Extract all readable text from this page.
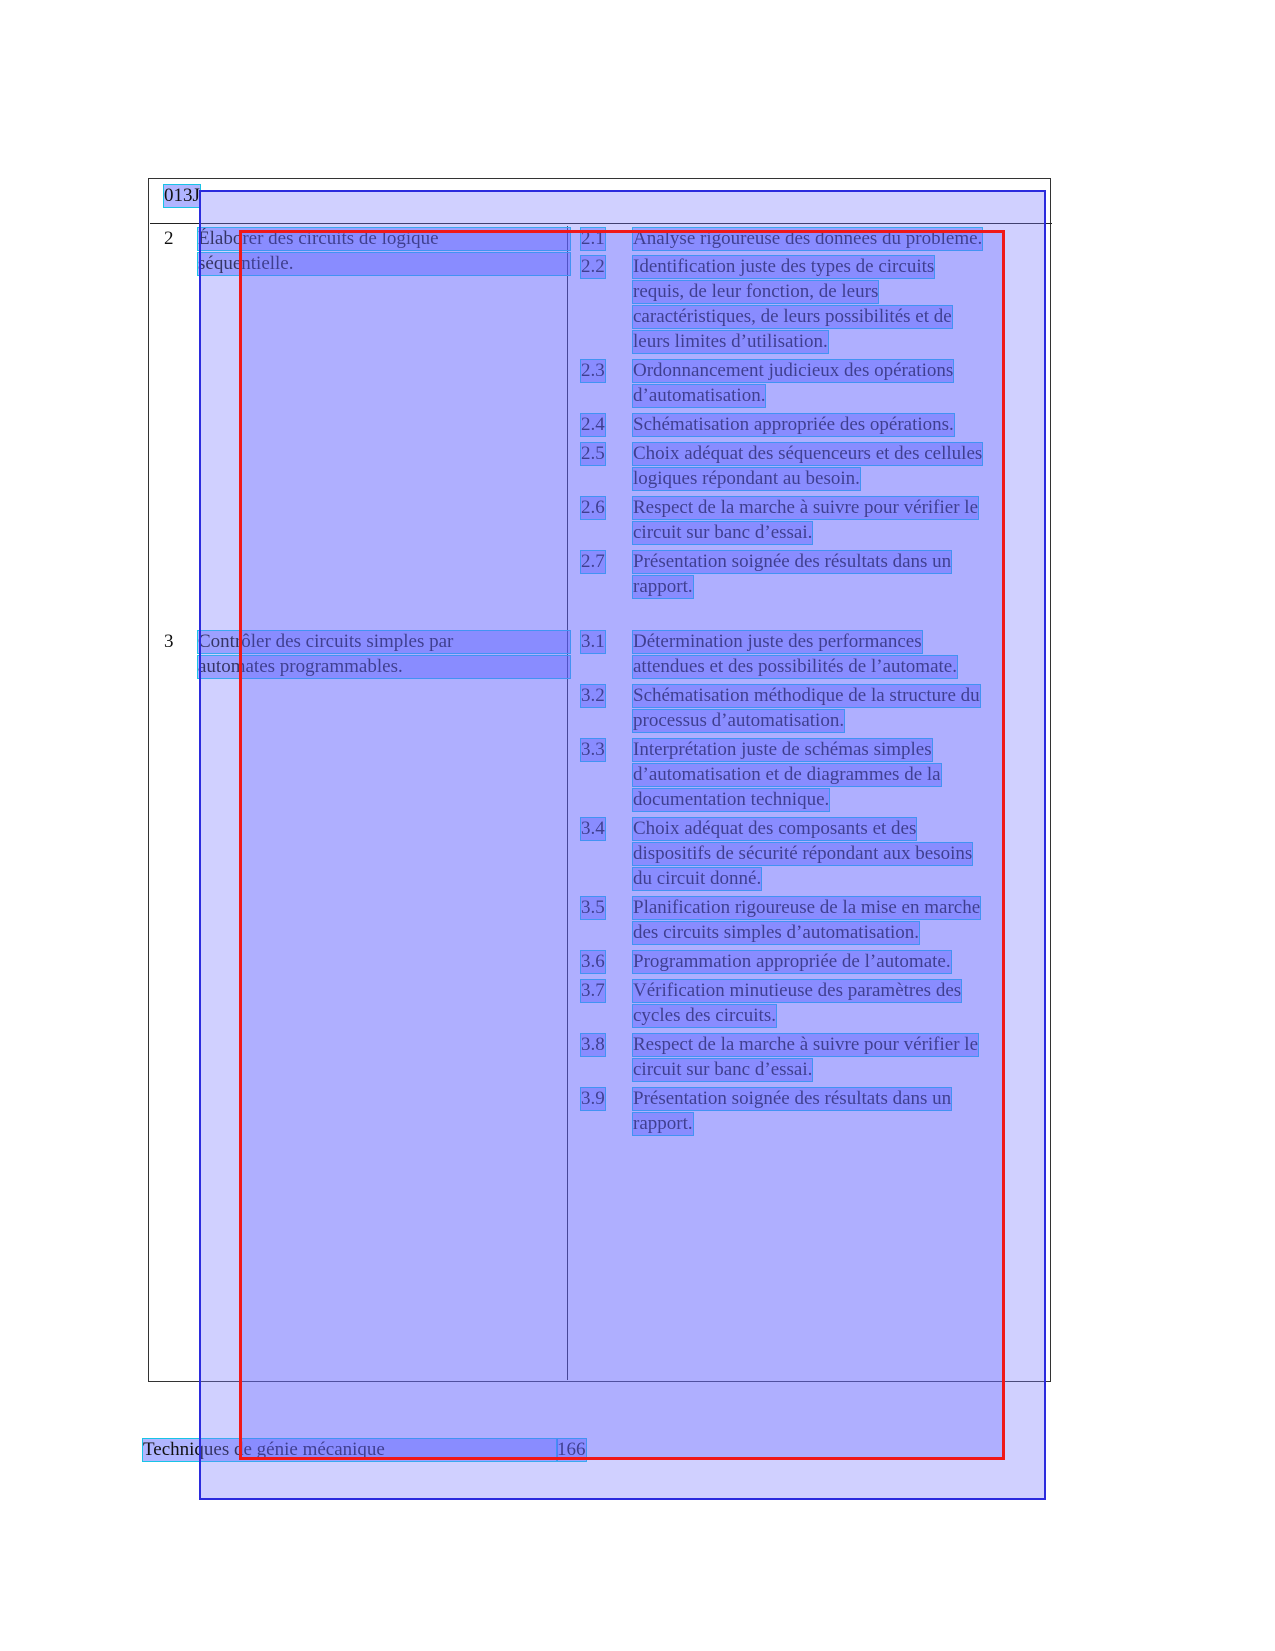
013J
2 Élaborer des circuits de logique
séquentielle.
2.1 Analyse rigoureuse des données du problème.
2.2 Identification juste des types de circuits
requis, de leur fonction, de leurs
caractéristiques, de leurs possibilités et de
leurs limites d’utilisation.
2.3 Ordonnancement judicieux des opérations
d’automatisation.
2.4 Schématisation appropriée des opérations.
2.5 Choix adéquat des séquenceurs et des cellules
logiques répondant au besoin.
2.6 Respect de la marche à suivre pour vérifier le
circuit sur banc d’essai.
2.7 Présentation soignée des résultats dans un
rapport.
3 Contrôler des circuits simples par
automates programmables.
3.1 Détermination juste des performances
attendues et des possibilités de l’automate.
3.2 Schématisation méthodique de la structure du
processus d’automatisation.
3.3 Interprétation juste de schémas simples
d’automatisation et de diagrammes de la
documentation technique.
3.4 Choix adéquat des composants et des
dispositifs de sécurité répondant aux besoins
du circuit donné.
3.5 Planification rigoureuse de la mise en marche
des circuits simples d’automatisation.
3.6 Programmation appropriée de l’automate.
3.7 Vérification minutieuse des paramètres des
cycles des circuits.
3.8 Respect de la marche à suivre pour vérifier le
circuit sur banc d’essai.
3.9 Présentation soignée des résultats dans un
rapport.
Techniques de génie mécanique	166
